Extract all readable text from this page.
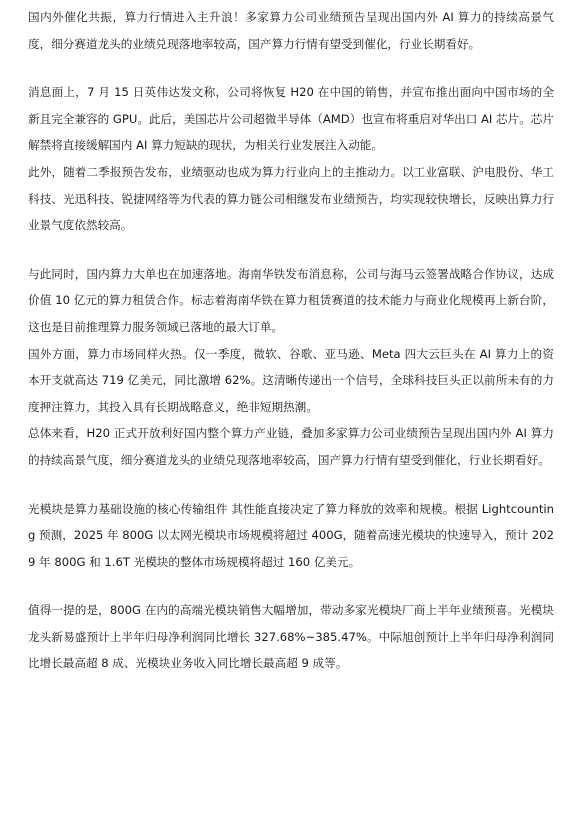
国内外催化共振，算力行情进入主升浪！多家算力公司业绩预告呈现出国内外 AI 算力的持续高景气度，细分赛道龙头的业绩兑现落地率较高，国产算力行情有望受到催化，行业长期看好。

消息面上，7 月 15 日英伟达发文称，公司将恢复 H20 在中国的销售，并宣布推出面向中国市场的全新且完全兼容的 GPU。此后，美国芯片公司超微半导体（AMD）也宣布将重启对华出口 AI 芯片。芯片解禁将直接缓解国内 AI 算力短缺的现状，为相关行业发展注入动能。

此外，随着二季报预告发布，业绩驱动也成为算力行业向上的主推动力。以工业富联、沪电股份、华工科技、光迅科技、锐捷网络等为代表的算力链公司相继发布业绩预告，均实现较快增长，反映出算力行业景气度依然较高。

与此同时，国内算力大单也在加速落地。海南华铁发布消息称，公司与海马云签署战略合作协议，达成价值 10 亿元的算力租赁合作。标志着海南华铁在算力租赁赛道的技术能力与商业化规模再上新台阶，这也是目前推理算力服务领域已落地的最大订单。

国外方面，算力市场同样火热。仅一季度，微软、谷歌、亚马逊、Meta 四大云巨头在 AI 算力上的资本开支就高达 719 亿美元，同比激增 62%。这清晰传递出一个信号，全球科技巨头正以前所未有的力度押注算力，其投入具有长期战略意义，绝非短期热潮。

总体来看，H20 正式开放利好国内整个算力产业链，叠加多家算力公司业绩预告呈现出国内外 AI 算力的持续高景气度，细分赛道龙头的业绩兑现落地率较高，国产算力行情有望受到催化，行业长期看好。

光模块是算力基础设施的核心传输组件 其性能直接决定了算力释放的效率和规模。根据 Lightcounting 预测，2025 年 800G 以太网光模块市场规模将超过 400G，随着高速光模块的快速导入，预计 2029 年 800G 和 1.6T 光模块的整体市场规模将超过 160 亿美元。

值得一提的是，800G 在内的高端光模块销售大幅增加，带动多家光模块厂商上半年业绩预喜。光模块龙头新易盛预计上半年归母净利润同比增长 327.68%~385.47%。中际旭创预计上半年归母净利润同比增长最高超 8 成、光模块业务收入同比增长最高超 9 成等。
